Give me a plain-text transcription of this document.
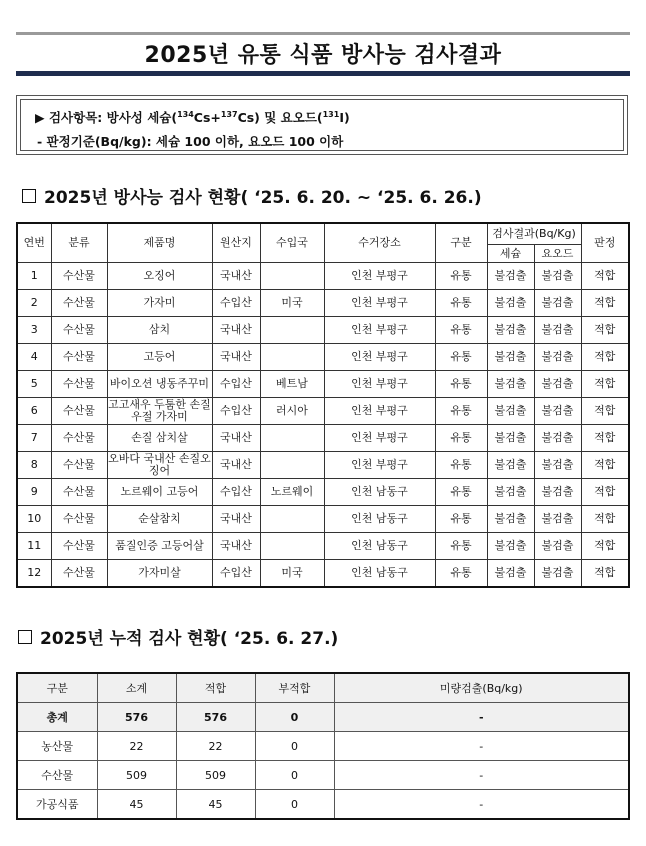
2025년 유통 식품 방사능 검사결과
▶ 검사항목: 방사성 세슘($^{134}$Cs+$^{137}$Cs) 및 요오드($^{131}$I)
- 판정기준(Bq/kg): 세슘 100 이하, 요오드 100 이하
2025년 방사능 검사 현황( ‘25. 6. 20. ~ ‘25. 6. 26.)
연번	분류	제품명	원산지	수입국	수거장소	구분	검사결과(Bq/Kg)		판정
							세슘	요오드	
1	수산물	오징어	국내산		인천 부평구	유통	불검출	불검출	적합
2	수산물	가자미	수입산	미국	인천 부평구	유통	불검출	불검출	적합
3	수산물	삼치	국내산		인천 부평구	유통	불검출	불검출	적합
4	수산물	고등어	국내산		인천 부평구	유통	불검출	불검출	적합
5	수산물	바이오션 냉동주꾸미	수입산	베트남	인천 부평구	유통	불검출	불검출	적합
6	수산물	고고새우 두툼한 손질 우절 가자미	수입산	러시아	인천 부평구	유통	불검출	불검출	적합
7	수산물	손질 삼치살	국내산		인천 부평구	유통	불검출	불검출	적합
8	수산물	오바다 국내산 손질오징어	국내산		인천 부평구	유통	불검출	불검출	적합
9	수산물	노르웨이 고등어	수입산	노르웨이	인천 남동구	유통	불검출	불검출	적합
10	수산물	순살참치	국내산		인천 남동구	유통	불검출	불검출	적합
11	수산물	품질인증 고등어살	국내산		인천 남동구	유통	불검출	불검출	적합
12	수산물	가자미살	수입산	미국	인천 남동구	유통	불검출	불검출	적합
2025년 누적 검사 현황( ‘25. 6. 27.)
구분	소계	적합	부적합	미량검출(Bq/kg)
총계	576	576	0	-
농산물	22	22	0	-
수산물	509	509	0	-
가공식품	45	45	0	-
